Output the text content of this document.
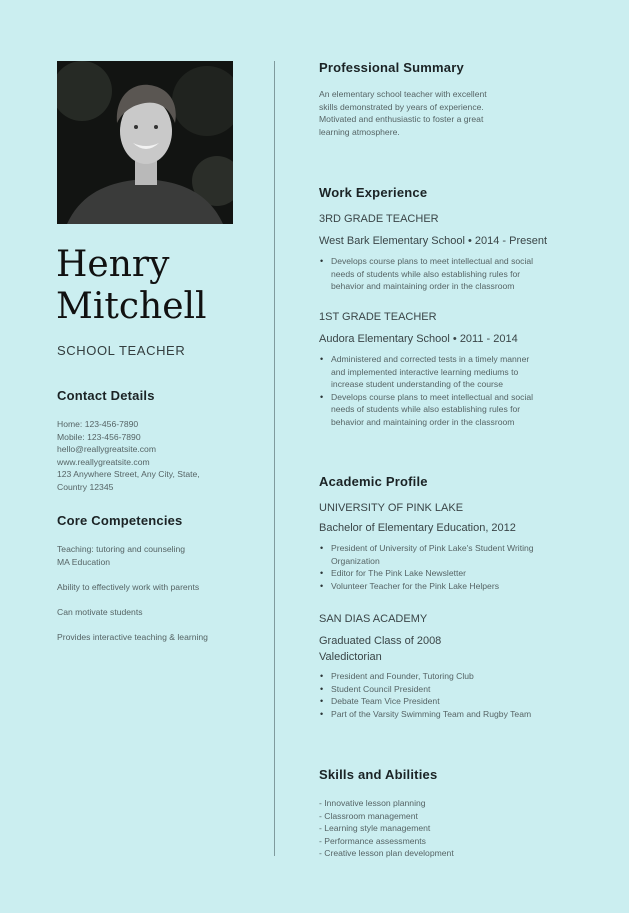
Henry
Mitchell
SCHOOL TEACHER
Contact Details
Home: 123-456-7890
Mobile: 123-456-7890
hello@reallygreatsite.com
www.reallygreatsite.com
123 Anywhere Street, Any City, State,
Country 12345
Core Competencies
Teaching: tutoring and counseling
MA Education
Ability to effectively work with parents
Can motivate students
Provides interactive teaching & learning
Professional Summary
An elementary school teacher with excellent
skills demonstrated by years of experience.
Motivated and enthusiastic to foster a great
learning atmosphere.
Work Experience
3RD GRADE TEACHER
West Bark Elementary School • 2014 - Present
• Develops course plans to meet intellectual and social
needs of students while also establishing rules for
behavior and maintaining order in the classroom
1ST GRADE TEACHER
Audora Elementary School • 2011 - 2014
• Administered and corrected tests in a timely manner
and implemented interactive learning mediums to
increase student understanding of the course
• Develops course plans to meet intellectual and social
needs of students while also establishing rules for
behavior and maintaining order in the classroom
Academic Profile
UNIVERSITY OF PINK LAKE
Bachelor of Elementary Education, 2012
• President of University of Pink Lake's Student Writing
Organization
• Editor for The Pink Lake Newsletter
• Volunteer Teacher for the Pink Lake Helpers
SAN DIAS ACADEMY
Graduated Class of 2008
Valedictorian
• President and Founder, Tutoring Club
• Student Council President
• Debate Team Vice President
• Part of the Varsity Swimming Team and Rugby Team
Skills and Abilities
- Innovative lesson planning
- Classroom management
- Learning style management
- Performance assessments
- Creative lesson plan development
